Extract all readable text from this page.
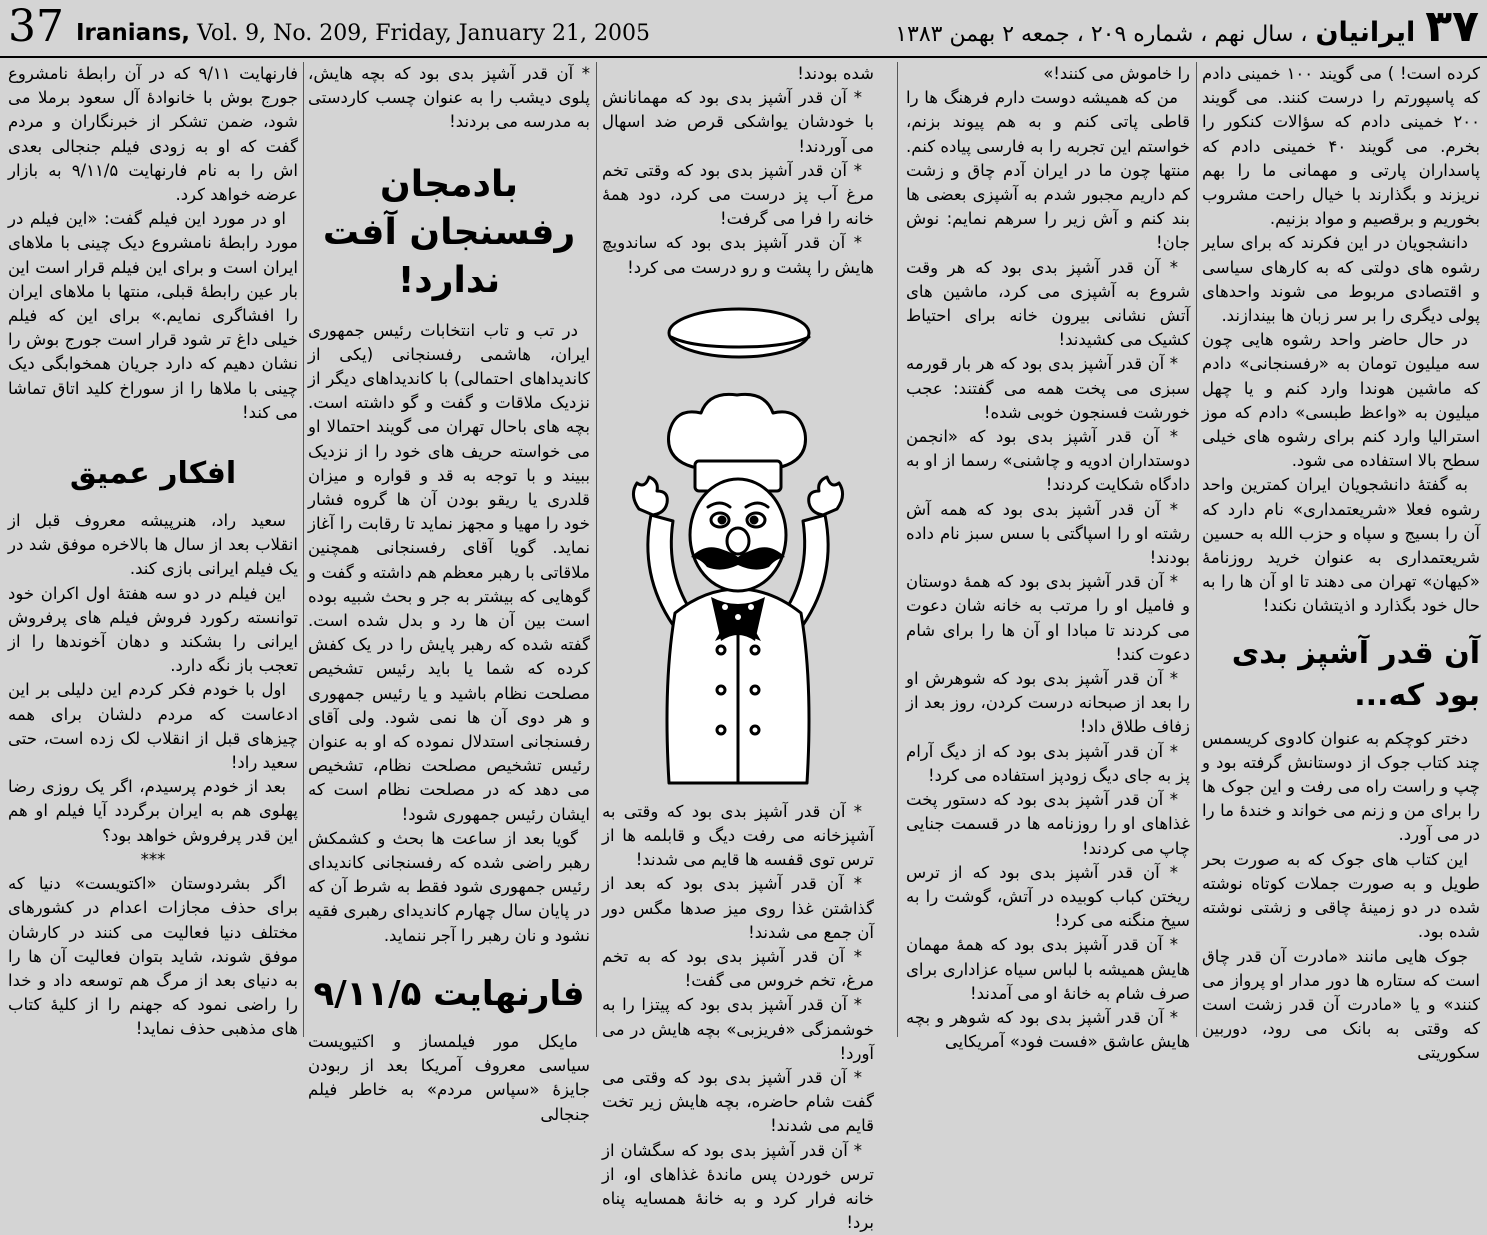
37 Iranians, Vol. 9, No. 209, Friday, January 21, 2005	۳۷
ایرانیان
، سال نهم ، شماره ۲۰۹ ، جمعه ۲ بهمن ۱۳۸۳

کرده است! ) می گویند ۱۰۰ خمینی دادم که پاسپورتم را درست کنند. می گویند ۲۰۰ خمینی دادم که سؤالات کنکور را بخرم. می گویند ۴۰ خمینی دادم که پاسداران پارتی و مهمانی ما را بهم نریزند و بگذارند با خیال راحت مشروب بخوریم و برقصیم و مواد بزنیم.

دانشجویان در این فکرند که برای سایر رشوه های دولتی که به کارهای سیاسی و اقتصادی مربوط می شوند واحدهای پولی دیگری را بر سر زبان ها بیندازند.

در حال حاضر واحد رشوه هایی چون سه میلیون تومان به «رفسنجانی» دادم که ماشین هوندا وارد کنم و یا چهل میلیون به «واعظ طبسی» دادم که موز استرالیا وارد کنم برای رشوه های خیلی سطح بالا استفاده می شود.

به گفتهٔ دانشجویان ایران کمترین واحد رشوه فعلا «شریعتمداری» نام دارد که آن را بسیج و سپاه و حزب الله به حسین شریعتمداری به عنوان خرید روزنامهٔ «کیهان» تهران می دهند تا او آن ها را به حال خود بگذارد و اذیتشان نکند!

آن قدر آشپز بدی بود که...

دختر کوچکم به عنوان کادوی کریسمس چند کتاب جوک از دوستانش گرفته بود و چپ و راست راه می رفت و این جوک ها را برای من و زنم می خواند و خندهٔ ما را در می آورد.

این کتاب های جوک که به صورت بحر طویل و به صورت جملات کوتاه نوشته شده در دو زمینهٔ چاقی و زشتی نوشته شده بود.

جوک هایی مانند «مادرت آن قدر چاق است که ستاره ها دور مدار او پرواز می کنند» و یا «مادرت آن قدر زشت است که وقتی به بانک می رود، دوربین سکوریتی

را خاموش می کنند!»

من که همیشه دوست دارم فرهنگ ها را قاطی پاتی کنم و به هم پیوند بزنم، خواستم این تجربه را به فارسی پیاده کنم. منتها چون ما در ایران آدم چاق و زشت کم داریم مجبور شدم به آشپزی بعضی ها بند کنم و آش زیر را سرهم نمایم: نوش جان!

* آن قدر آشپز بدی بود که هر وقت شروع به آشپزی می کرد، ماشین های آتش نشانی بیرون خانه برای احتیاط کشیک می کشیدند!

* آن قدر آشپز بدی بود که هر بار قورمه سبزی می پخت همه می گفتند: عجب خورشت فسنجون خوبی شده!

* آن قدر آشپز بدی بود که «انجمن دوستداران ادویه و چاشنی» رسما از او به دادگاه شکایت کردند!

* آن قدر آشپز بدی بود که همه آش رشته او را اسپاگتی با سس سبز نام داده بودند!

* آن قدر آشپز بدی بود که همهٔ دوستان و فامیل او را مرتب به خانه شان دعوت می کردند تا مبادا او آن ها را برای شام دعوت کند!

* آن قدر آشپز بدی بود که شوهرش او را بعد از صبحانه درست کردن، روز بعد از زفاف طلاق داد!

* آن قدر آشپز بدی بود که از دیگ آرام پز به جای دیگ زودپز استفاده می کرد!

* آن قدر آشپز بدی بود که دستور پخت غذاهای او را روزنامه ها در قسمت جنایی چاپ می کردند!

* آن قدر آشپز بدی بود که از ترس ریختن کباب کوبیده در آتش، گوشت را به سیخ منگنه می کرد!

* آن قدر آشپز بدی بود که همهٔ مهمان هایش همیشه با لباس سیاه عزاداری برای صرف شام به خانهٔ او می آمدند!

* آن قدر آشپز بدی بود که شوهر و بچه هایش عاشق «فست فود» آمریکایی

شده بودند!

* آن قدر آشپز بدی بود که مهمانانش با خودشان یواشکی قرص ضد اسهال می آوردند!

* آن قدر آشپز بدی بود که وقتی تخم مرغ آب پز درست می کرد، دود همهٔ خانه را فرا می گرفت!

* آن قدر آشپز بدی بود که ساندویچ هایش را پشت و رو درست می کرد!

* آن قدر آشپز بدی بود که وقتی به آشپزخانه می رفت دیگ و قابلمه ها از ترس توی قفسه ها قایم می شدند!

* آن قدر آشپز بدی بود که بعد از گذاشتن غذا روی میز صدها مگس دور آن جمع می شدند!

* آن قدر آشپز بدی بود که به تخم مرغ، تخم خروس می گفت!

* آن قدر آشپز بدی بود که پیتزا را به خوشمزگی «فریزبی» بچه هایش در می آورد!

* آن قدر آشپز بدی بود که وقتی می گفت شام حاضره، بچه هایش زیر تخت قایم می شدند!

* آن قدر آشپز بدی بود که سگشان از ترس خوردن پس ماندهٔ غذاهای او، از خانه فرار کرد و به خانهٔ همسایه پناه برد!

* آن قدر آشپز بدی بود که بچه هایش، پلوی دیشب را به عنوان چسب کاردستی به مدرسه می بردند!

بادمجان رفسنجان آفت ندارد!

در تب و تاب انتخابات رئیس جمهوری ایران، هاشمی رفسنجانی (یکی از کاندیداهای احتمالی) با کاندیداهای دیگر از نزدیک ملاقات و گفت و گو داشته است. بچه های باحال تهران می گویند احتمالا او می خواسته حریف های خود را از نزدیک ببیند و با توجه به قد و قواره و میزان قلدری یا ریقو بودن آن ها گروه فشار خود را مهیا و مجهز نماید تا رقابت را آغاز نماید. گویا آقای رفسنجانی همچنین ملاقاتی با رهبر معظم هم داشته و گفت و گوهایی که بیشتر به جر و بحث شبیه بوده است بین آن ها رد و بدل شده است. گفته شده که رهبر پایش را در یک کفش کرده که شما یا باید رئیس تشخیص مصلحت نظام باشید و یا رئیس جمهوری و هر دوی آن ها نمی شود. ولی آقای رفسنجانی استدلال نموده که او به عنوان رئیس تشخیص مصلحت نظام، تشخیص می دهد که در مصلحت نظام است که ایشان رئیس جمهوری شود!

گویا بعد از ساعت ها بحث و کشمکش رهبر راضی شده که رفسنجانی کاندیدای رئیس جمهوری شود فقط به شرط آن که در پایان سال چهارم کاندیدای رهبری فقیه نشود و نان رهبر را آجر ننماید.

فارنهایت ۹/۱۱/۵

مایکل مور فیلمساز و اکتیویست سیاسی معروف آمریکا بعد از ربودن جایزهٔ «سپاس مردم» به خاطر فیلم جنجالی

فارنهایت ۹/۱۱ که در آن رابطهٔ نامشروع جورج بوش با خانوادهٔ آل سعود برملا می شود، ضمن تشکر از خبرنگاران و مردم گفت که او به زودی فیلم جنجالی بعدی اش را به نام فارنهایت ۹/۱۱/۵ به بازار عرضه خواهد کرد.

او در مورد این فیلم گفت: «این فیلم در مورد رابطهٔ نامشروع دیک چینی با ملاهای ایران است و برای این فیلم قرار است این بار عین رابطهٔ قبلی، منتها با ملاهای ایران را افشاگری نمایم.» برای این که فیلم خیلی داغ تر شود قرار است جورج بوش را نشان دهیم که دارد جریان همخوابگی دیک چینی با ملاها را از سوراخ کلید اتاق تماشا می کند!

افکار عمیق

سعید راد، هنرپیشه معروف قبل از انقلاب بعد از سال ها بالاخره موفق شد در یک فیلم ایرانی بازی کند.

این فیلم در دو سه هفتهٔ اول اکران خود توانسته رکورد فروش فیلم های پرفروش ایرانی را بشکند و دهان آخوندها را از تعجب باز نگه دارد.

اول با خودم فکر کردم این دلیلی بر این ادعاست که مردم دلشان برای همه چیزهای قبل از انقلاب لک زده است، حتی سعید راد!

بعد از خودم پرسیدم، اگر یک روزی رضا پهلوی هم به ایران برگردد آیا فیلم او هم این قدر پرفروش خواهد بود؟

***

اگر بشردوستان «اکتویست» دنیا که برای حذف مجازات اعدام در کشورهای مختلف دنیا فعالیت می کنند در کارشان موفق شوند، شاید بتوان فعالیت آن ها را به دنیای بعد از مرگ هم توسعه داد و خدا را راضی نمود که جهنم را از کلیهٔ کتاب های مذهبی حذف نماید!
